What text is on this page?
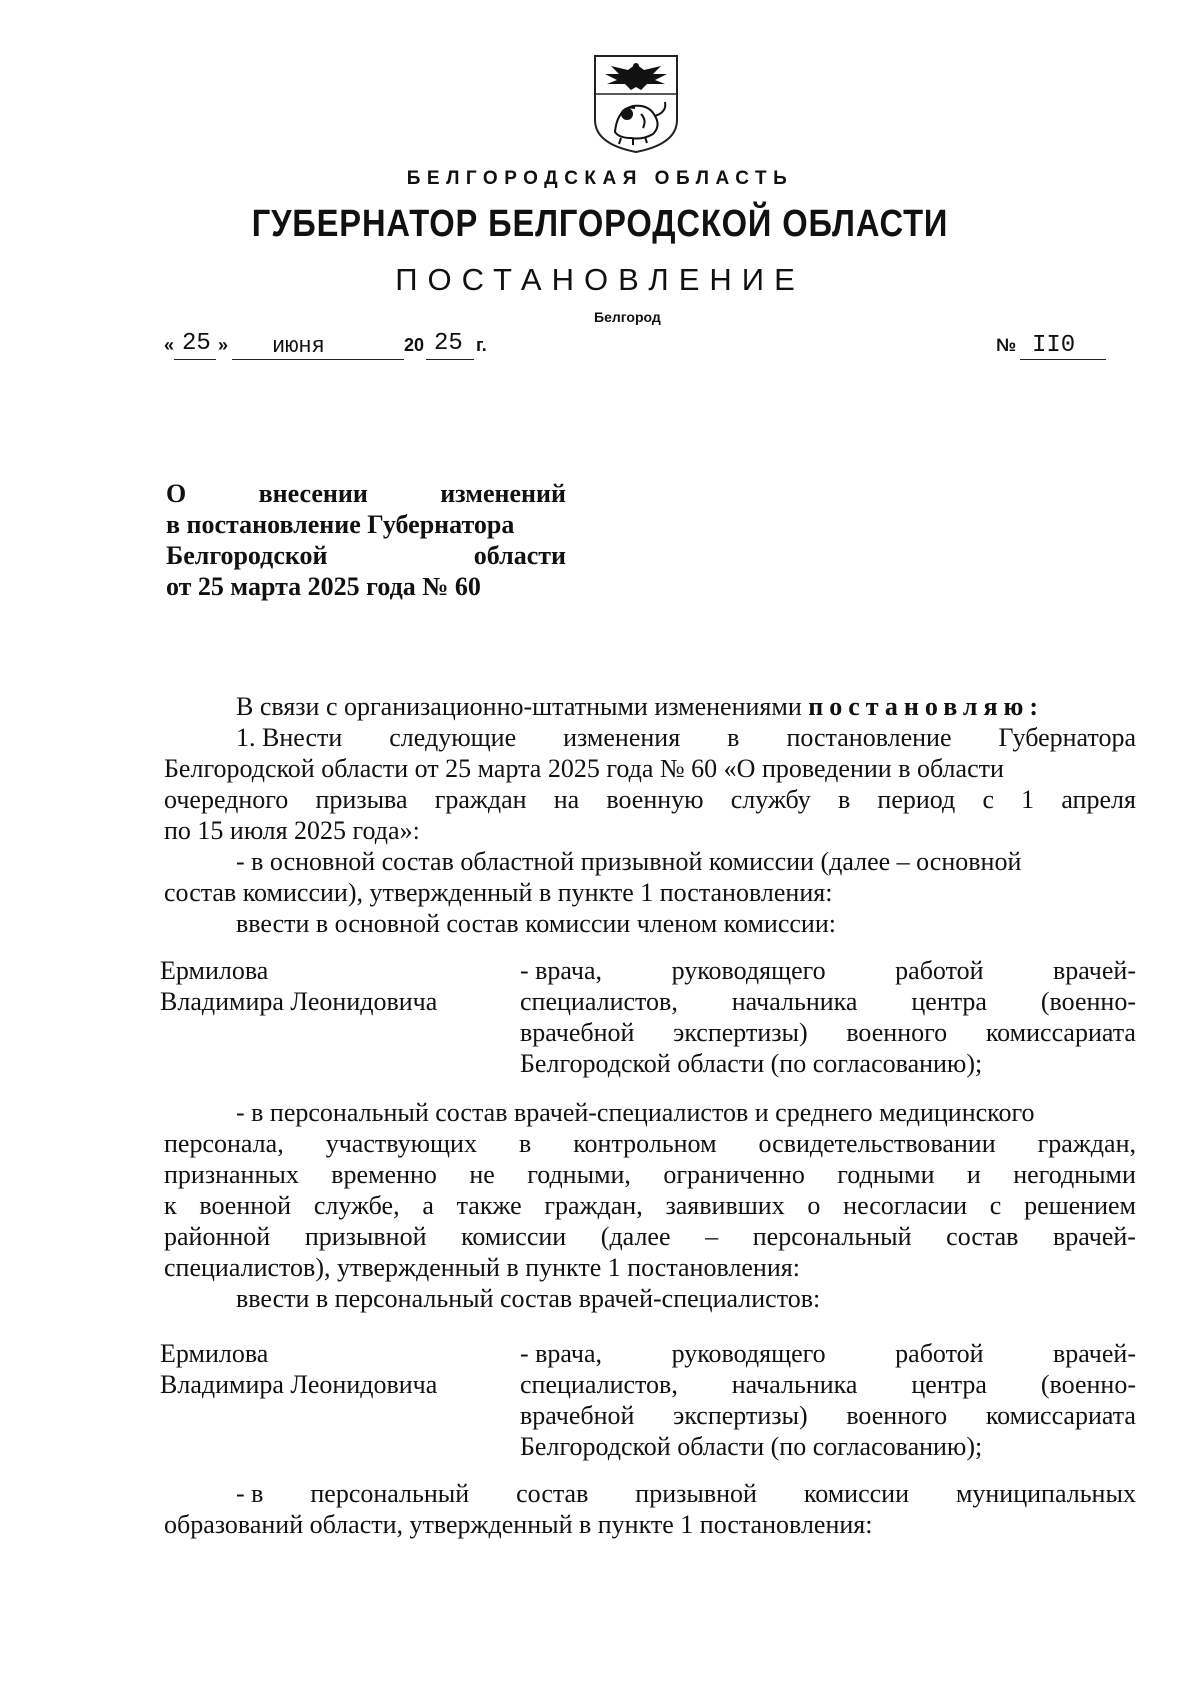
БЕЛГОРОДСКАЯ ОБЛАСТЬ
ГУБЕРНАТОР БЕЛГОРОДСКОЙ ОБЛАСТИ
ПОСТАНОВЛЕНИЕ
Белгород
« 25 » июня	20 25 г.	№ II0
О	внесении	изменений
в постановление Губернатора
Белгородской	области
от 25 марта 2025 года № 60
В связи с организационно-штатными изменениями постановляю:
1. Внести следующие изменения в постановление Губернатора
Белгородской области от 25 марта 2025 года № 60 «О проведении в области
очередного призыва граждан на военную службу в период с 1 апреля
по 15 июля 2025 года»:
- в основной состав областной призывной комиссии (далее – основной
состав комиссии), утвержденный в пункте 1 постановления:
ввести в основной состав комиссии членом комиссии:
Ермилова
Владимира Леонидовича
- врача,	руководящего	работой	врачей-
специалистов, начальника центра (военно-
врачебной экспертизы) военного комиссариата
Белгородской области (по согласованию);
- в персональный состав врачей-специалистов и среднего медицинского
персонала, участвующих в контрольном освидетельствовании граждан,
признанных временно не годными, ограниченно годными и негодными
к военной службе, а также граждан, заявивших о несогласии с решением
районной призывной комиссии (далее – персональный состав врачей-
специалистов), утвержденный в пункте 1 постановления:
ввести в персональный состав врачей-специалистов:
Ермилова
Владимира Леонидовича
- врача,	руководящего	работой	врачей-
специалистов, начальника центра (военно-
врачебной экспертизы) военного комиссариата
Белгородской области (по согласованию);
- в персональный состав призывной комиссии муниципальных
образований области, утвержденный в пункте 1 постановления:
